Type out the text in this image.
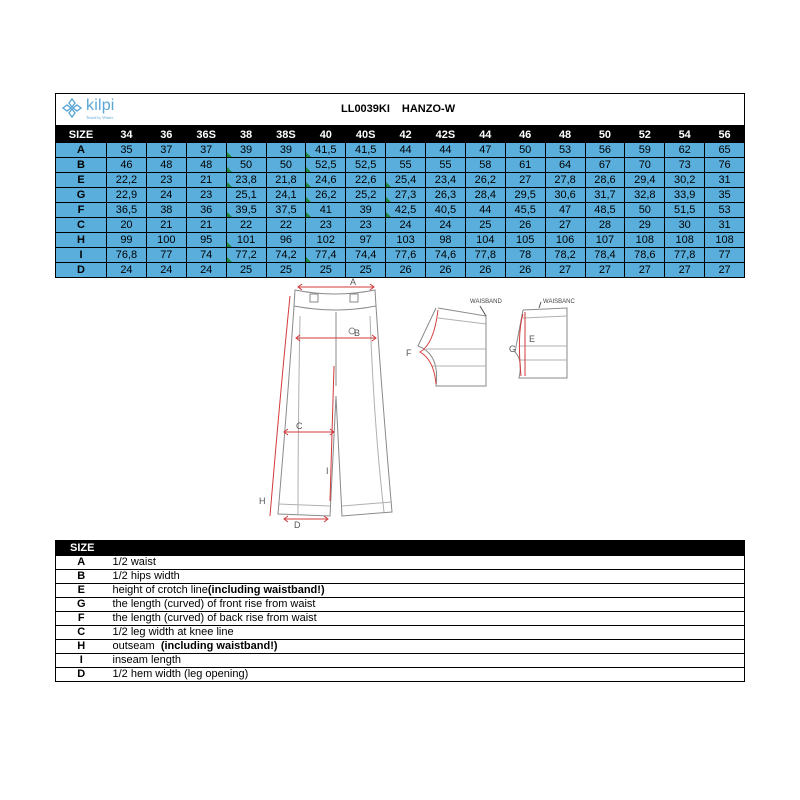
kilpi
Tested by Winter
LL0039KI HANZO-W
SIZE	34	36	36S	38	38S	40	40S	42	42S	44	46	48	50	52	54	56
A	35	37	37	39	39	41,5	41,5	44	44	47	50	53	56	59	62	65
B	46	48	48	50	50	52,5	52,5	55	55	58	61	64	67	70	73	76
E	22,2	23	21	23,8	21,8	24,6	22,6	25,4	23,4	26,2	27	27,8	28,6	29,4	30,2	31
G	22,9	24	23	25,1	24,1	26,2	25,2	27,3	26,3	28,4	29,5	30,6	31,7	32,8	33,9	35
F	36,5	38	36	39,5	37,5	41	39	42,5	40,5	44	45,5	47	48,5	50	51,5	53
C	20	21	21	22	22	23	23	24	24	25	26	27	28	29	30	31
H	99	100	95	101	96	102	97	103	98	104	105	106	107	108	108	108
I	76,8	77	74	77,2	74,2	77,4	74,4	77,6	74,6	77,8	78	78,2	78,4	78,6	77,8	77
D	24	24	24	25	25	25	25	26	26	26	26	27	27	27	27	27
A
B
C
D
H
I
WAISBAND
F
WAISBANC
E
G
SIZE	
A	1/2 waist
B	1/2 hips width
E	height of crotch line(including waistband!)
G	the length (curved) of front rise from waist
F	the length (curved) of back rise from waist
C	1/2 leg width at knee line
H	outseam  (including waistband!)
I	inseam length
D	1/2 hem width (leg opening)
